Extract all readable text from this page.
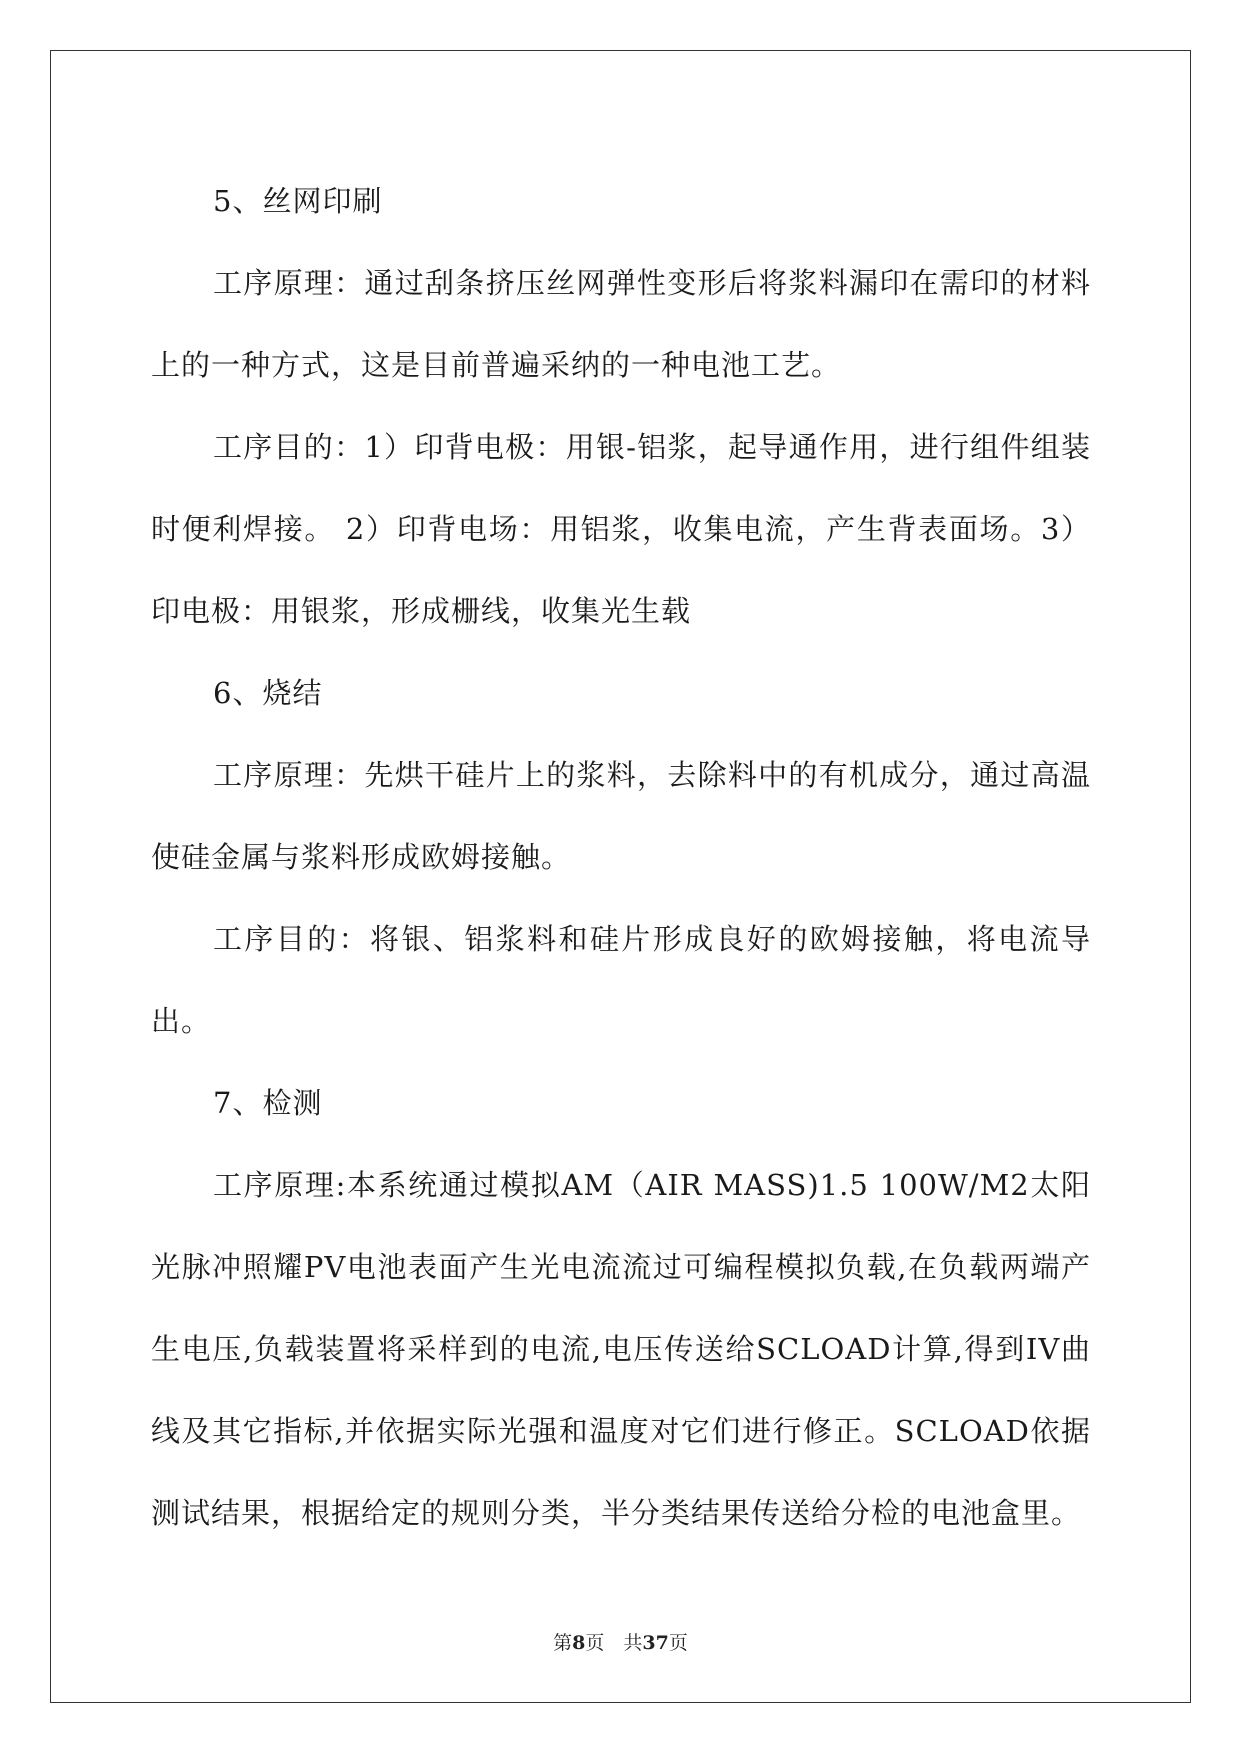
5、丝网印刷

工序原理：通过刮条挤压丝网弹性变形后将浆料漏印在需印的材料上的一种方式，这是目前普遍采纳的一种电池工艺。

工序目的：1）印背电极：用银-铝浆，起导通作用，进行组件组装时便利焊接。 2）印背电场：用铝浆，收集电流，产生背表面场。3）印电极：用银浆，形成栅线，收集光生载

6、烧结

工序原理：先烘干硅片上的浆料，去除料中的有机成分，通过高温使硅金属与浆料形成欧姆接触。

工序目的：将银、铝浆料和硅片形成良好的欧姆接触，将电流导出。

7、检测

工序原理:本系统通过模拟AM（AIR MASS)1.5 100W/M2太阳光脉冲照耀PV电池表面产生光电流流过可编程模拟负载,在负载两端产生电压,负载装置将采样到的电流,电压传送给SCLOAD计算,得到IV曲线及其它指标,并依据实际光强和温度对它们进行修正。SCLOAD依据测试结果，根据给定的规则分类，半分类结果传送给分检的电池盒里。

第8页　共37页
